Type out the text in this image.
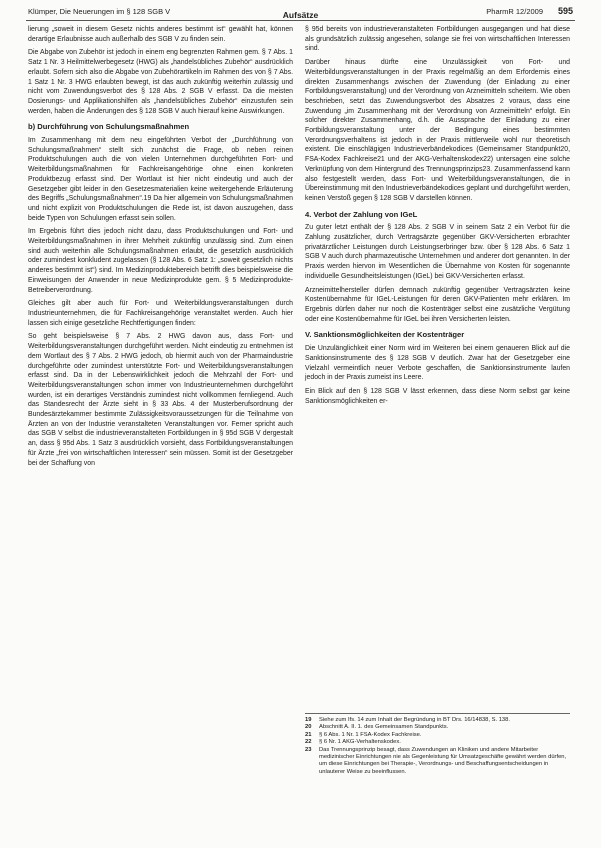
Klümper, Die Neuerungen im § 128 SGB V	Aufsätze	PharmR 12/2009 595

lierung „soweit in diesem Gesetz nichts anderes bestimmt ist“ gewählt hat, können derartige Erlaubnisse auch außerhalb des SGB V zu finden sein.

Die Abgabe von Zubehör ist jedoch in einem eng begrenzten Rahmen gem. § 7 Abs. 1 Satz 1 Nr. 3 Heilmittelwerbegesetz (HWG) als „handelsübliches Zubehör“ ausdrücklich erlaubt. Sofern sich also die Abgabe von Zubehörartikeln im Rahmen des von § 7 Abs. 1 Satz 1 Nr. 3 HWG erlaubten bewegt, ist das auch zukünftig weiterhin zulässig und nicht vom Zuwendungsverbot des § 128 Abs. 2 SGB V erfasst. Da die meisten Dosierungs- und Applikationshilfen als „handelsübliches Zubehör“ einzustufen sein werden, haben die Änderungen des § 128 SGB V auch hierauf keine Auswirkungen.

b) Durchführung von Schulungsmaßnahmen

Im Zusammenhang mit dem neu eingeführten Verbot der „Durchführung von Schulungsmaßnahmen“ stellt sich zunächst die Frage, ob neben reinen Produktschulungen auch die von vielen Unternehmen durchgeführten Fort- und Weiterbildungsmaßnahmen für Fachkreisangehörige ohne einen konkreten Produktbezug erfasst sind. Der Wortlaut ist hier nicht eindeutig und auch der Gesetzgeber gibt leider in den Gesetzesmaterialien keine weitergehende Erläuterung des Begriffs „Schulungsmaßnahmen“.19 Da hier allgemein von Schulungsmaßnahmen und nicht explizit von Produktschulungen die Rede ist, ist davon auszugehen, dass beide Typen von Schulungen erfasst sein sollen.

Im Ergebnis führt dies jedoch nicht dazu, dass Produktschulungen und Fort- und Weiterbildungsmaßnahmen in ihrer Mehrheit zukünftig unzulässig sind. Zum einen sind auch weiterhin alle Schulungsmaßnahmen erlaubt, die gesetzlich ausdrücklich oder zumindest konkludent zugelassen (§ 128 Abs. 6 Satz 1: „soweit gesetzlich nichts anderes bestimmt ist“) sind. Im Medizinproduktebereich betrifft dies beispielsweise die Einweisungen der Anwender in neue Medizinprodukte gem. § 5 Medizinprodukte-Betreiberverordnung.

Gleiches gilt aber auch für Fort- und Weiterbildungsveranstaltungen durch Industrieunternehmen, die für Fachkreisangehörige veranstaltet werden. Auch hier lassen sich einige gesetzliche Rechtfertigungen finden:

So geht beispielsweise § 7 Abs. 2 HWG davon aus, dass Fort- und Weiterbildungsveranstaltungen durchgeführt werden. Nicht eindeutig zu entnehmen ist dem Wortlaut des § 7 Abs. 2 HWG jedoch, ob hiermit auch von der Pharmaindustrie durchgeführte oder zumindest unterstützte Fort- und Weiterbildungsveranstaltungen erfasst sind. Da in der Lebenswirklichkeit jedoch die Mehrzahl der Fort- und Weiterbildungsveranstaltungen schon immer von Industrieunternehmen durchgeführt wurden, ist ein derartiges Verständnis zumindest nicht vollkommen fernliegend. Auch das Standesrecht der Ärzte sieht in § 33 Abs. 4 der Musterberufsordnung der Bundesärztekammer bestimmte Zulässigkeitsvoraussetzungen für die Teilnahme von Ärzten an von der Industrie veranstalteten Veranstaltungen vor. Ferner spricht auch das SGB V selbst die industrieveranstalteten Fortbildungen in § 95d SGB V dergestalt an, dass § 95d Abs. 1 Satz 3 ausdrücklich vorsieht, dass Fortbildungsveranstaltungen für Ärzte „frei von wirtschaftlichen Interessen“ sein müssen. Somit ist der Gesetzgeber bei der Schaffung von

§ 95d bereits von industrieveranstalteten Fortbildungen ausgegangen und hat diese als grundsätzlich zulässig angesehen, solange sie frei von wirtschaftlichen Interessen sind.

Darüber hinaus dürfte eine Unzulässigkeit von Fort- und Weiterbildungsveranstaltungen in der Praxis regelmäßig an dem Erfordernis eines direkten Zusammenhangs zwischen der Zuwendung (der Einladung zu einer Fortbildungsveranstaltung) und der Verordnung von Arzneimitteln scheitern. Wie oben beschrieben, setzt das Zuwendungsverbot des Absatzes 2 voraus, dass eine Zuwendung „im Zusammenhang mit der Verordnung von Arzneimitteln“ erfolgt. Ein solcher direkter Zusammenhang, d.h. die Aussprache der Einladung zu einer Fortbildungsveranstaltung unter der Bedingung eines bestimmten Verordnungsverhaltens ist jedoch in der Praxis mittlerweile wohl nur theoretisch existent. Die einschlägigen Industrieverbändekodices (Gemeinsamer Standpunkt20, FSA-Kodex Fachkreise21 und der AKG-Verhaltenskodex22) untersagen eine solche Verknüpfung von dem Hintergrund des Trennungsprinzips23. Zusammenfassend kann also festgestellt werden, dass Fort- und Weiterbildungsveranstaltungen, die in Übereinstimmung mit den Industrieverbändekodices geplant und durchgeführt werden, keinen Verstoß gegen § 128 SGB V darstellen können.

4. Verbot der Zahlung von IGeL

Zu guter letzt enthält der § 128 Abs. 2 SGB V in seinem Satz 2 ein Verbot für die Zahlung zusätzlicher, durch Vertragsärzte gegenüber GKV-Versicherten erbrachter privatärztlicher Leistungen durch Leistungserbringer bzw. über § 128 Abs. 6 Satz 1 SGB V auch durch pharmazeutische Unternehmen und anderer dort genannten. In der Praxis werden hiervon im Wesentlichen die Übernahme von Kosten für sogenannte individuelle Gesundheitsleistungen (IGeL) bei GKV-Versicherten erfasst.

Arzneimittelhersteller dürfen demnach zukünftig gegenüber Vertragsärzten keine Kostenübernahme für IGeL-Leistungen für deren GKV-Patienten mehr erklären. Im Ergebnis dürfen daher nur noch die Kostenträger selbst eine zusätzliche Vergütung oder eine Kostenübernahme für IGeL bei ihren Versicherten leisten.

V. Sanktionsmöglichkeiten der Kostenträger

Die Unzulänglichkeit einer Norm wird im Weiteren bei einem genaueren Blick auf die Sanktionsinstrumente des § 128 SGB V deutlich. Zwar hat der Gesetzgeber eine Vielzahl vermeintlich neuer Verbote geschaffen, die Sanktionsinstrumente laufen jedoch in der Praxis zumeist ins Leere.

Ein Blick auf den § 128 SGB V lässt erkennen, dass diese Norm selbst gar keine Sanktionsmöglichkeiten er-

19	Siehe zum Ifs. 14 zum Inhalt der Begründung in BT Drs. 16/14838, S. 138.
20	Abschnitt A. II. 1. des Gemeinsamen Standpunkts.
21	§ 6 Abs. 1 Nr. 1 FSA-Kodex Fachkreise.
22	§ 6 Nr. 1 AKG-Verhaltenskodex.
23	Das Trennungsprinzip besagt, dass Zuwendungen an Kliniken und andere Mitarbeiter medizinischer Einrichtungen nie als Gegenleistung für Umsatzgeschäfte gewährt werden dürfen, um diese Einrichtungen bei Therapie-, Verordnungs- und Beschaffungsentscheidungen in unlauterer Weise zu beeinflussen.
